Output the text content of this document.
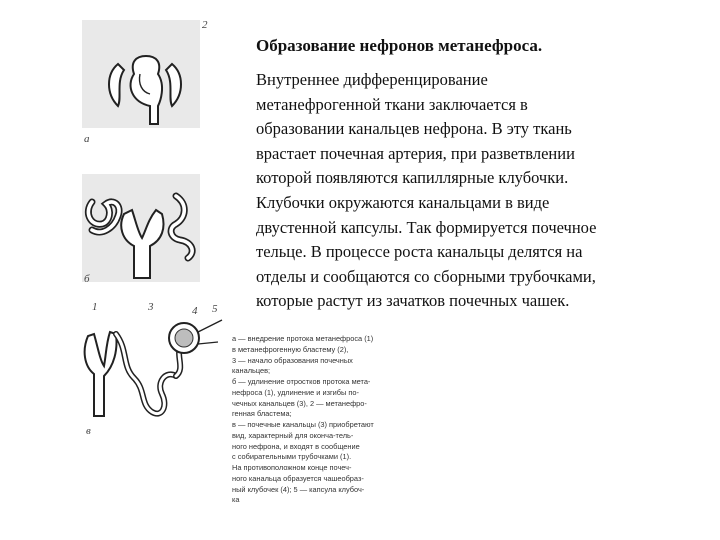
а
2
б
в
1	3	4 5
Образование нефронов метанефроса.
Внутреннее дифференцирование
метанефрогенной ткани заключается в
образовании канальцев нефрона. В эту ткань
врастает почечная артерия, при разветвлении
которой появляются капиллярные клубочки.
Клубочки окружаются канальцами в виде
двустенной капсулы. Так формируется почечное
тельце. В процессе роста канальцы делятся на
отделы и сообщаются со сборными трубочками,
которые растут из зачатков почечных чашек.
а — внедрение протока метанефроса (1)
в метанефрогенную бластему (2),
3 — начало образования почечных
канальцев;
б — удлинение отростков протока мета-
нефроса (1), удлинение и изгибы по-
чечных канальцев (3), 2 — метанефро-
генная бластема;
в — почечные канальцы (3) приобретают
вид, характерный для оконча-тель-
ного нефрона, и входят в сообщение
с собирательными трубочками (1).
На противоположном конце почеч-
ного канальца образуется чашеобраз-
ный клубочек (4); 5 — капсула клубоч-
ка
